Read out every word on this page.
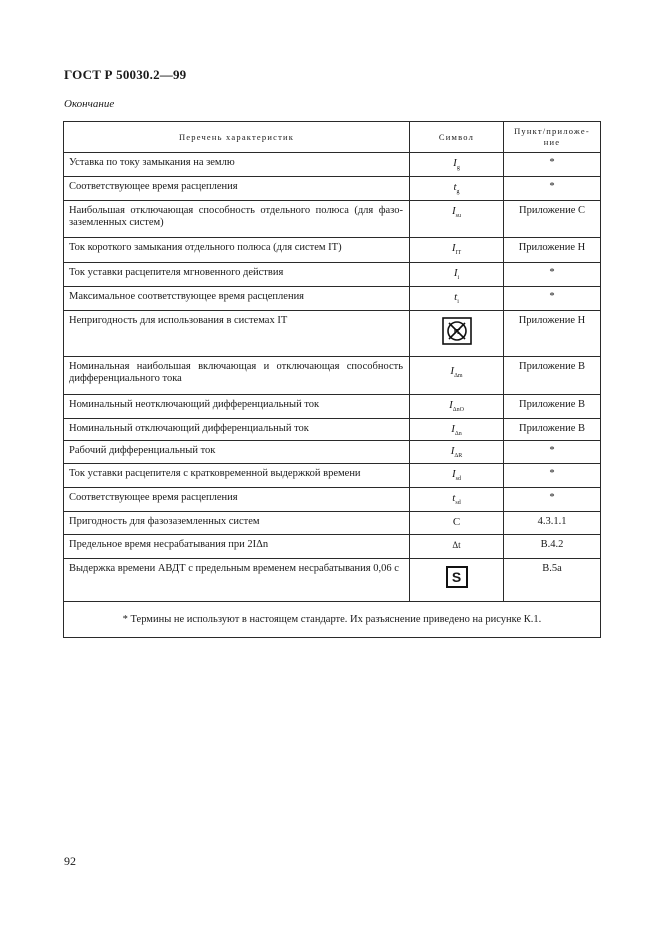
ГОСТ Р 50030.2—99
Окончание
Перечень характеристик	Символ	Пункт/приложе-ние
Уставка по току замыкания на землю	$I_g$	*
Соответствующее время расцепления	$t_g$	*
Наибольшая отключающая способность отдельного полюса (для фазо-заземленных систем)	$I_{su}$	Приложение С
Ток короткого замыкания отдельного полюса (для систем IT)	$I_{IT}$	Приложение Н
Ток уставки расцепителя мгновенного действия	$I_i$	*
Максимальное соответствующее время расцепления	$t_i$	*
Непригодность для использования в системах IT	IT	Приложение Н
Номинальная наибольшая включающая и отключающая способность дифференциального тока	$I_{\Delta m}$	Приложение В
Номинальный неотключающий дифференциальный ток	$I_{\Delta nO}$	Приложение В
Номинальный отключающий дифференциальный ток	$I_{\Delta n}$	Приложение В
Рабочий дифференциальный ток	$I_{\Delta R}$	*
Ток уставки расцепителя с кратковременной выдержкой времени	$I_{sd}$	*
Соответствующее время расцепления	$t_{sd}$	*
Пригодность для фазозаземленных систем	С	4.3.1.1
Предельное время несрабатывания при 2IΔn	Δt	В.4.2
Выдержка времени АВДТ с предельным временем несрабатывания 0,06 с	S	В.5а
* Термины не используют в настоящем стандарте. Их разъяснение приведено на рисунке К.1.		
92
